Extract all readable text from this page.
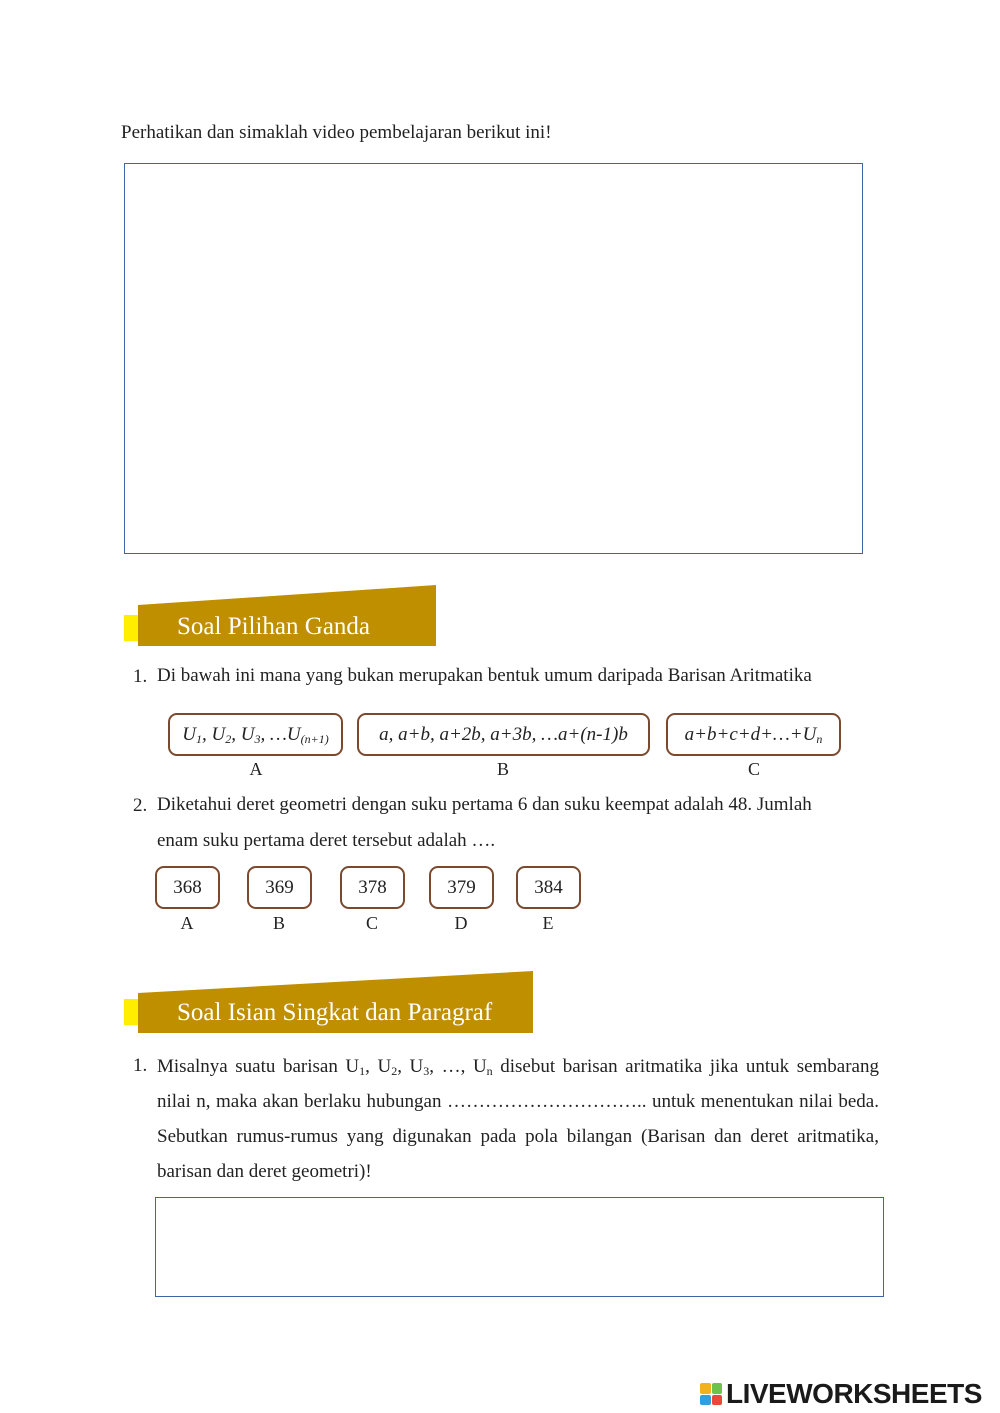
Perhatikan dan simaklah video pembelajaran berikut ini!
Soal Pilihan Ganda
1. Di bawah ini mana yang bukan merupakan bentuk umum daripada Barisan Aritmatika
$U_1$, $U_2$, $U_3$, $\dots U_{(n+1)}$
A
a, a+b, a+2b, a+3b, …a+(n-1)b
B
$a+b+c+d+\dots+U_n$
C
2. Diketahui deret geometri dengan suku pertama 6 dan suku keempat adalah 48. Jumlah
enam suku pertama deret tersebut adalah ….
368
A
369
B
378
C
379
D
384
E
Soal Isian Singkat dan Paragraf
1. Misalnya suatu barisan $U_1$, $U_2$, $U_3$, …, $U_n$ disebut barisan aritmatika jika untuk sembarang nilai n, maka akan berlaku hubungan ………………………….. untuk menentukan nilai beda. Sebutkan rumus-rumus yang digunakan pada pola bilangan (Barisan dan deret aritmatika, barisan dan deret geometri)!
LIVEWORKSHEETS
